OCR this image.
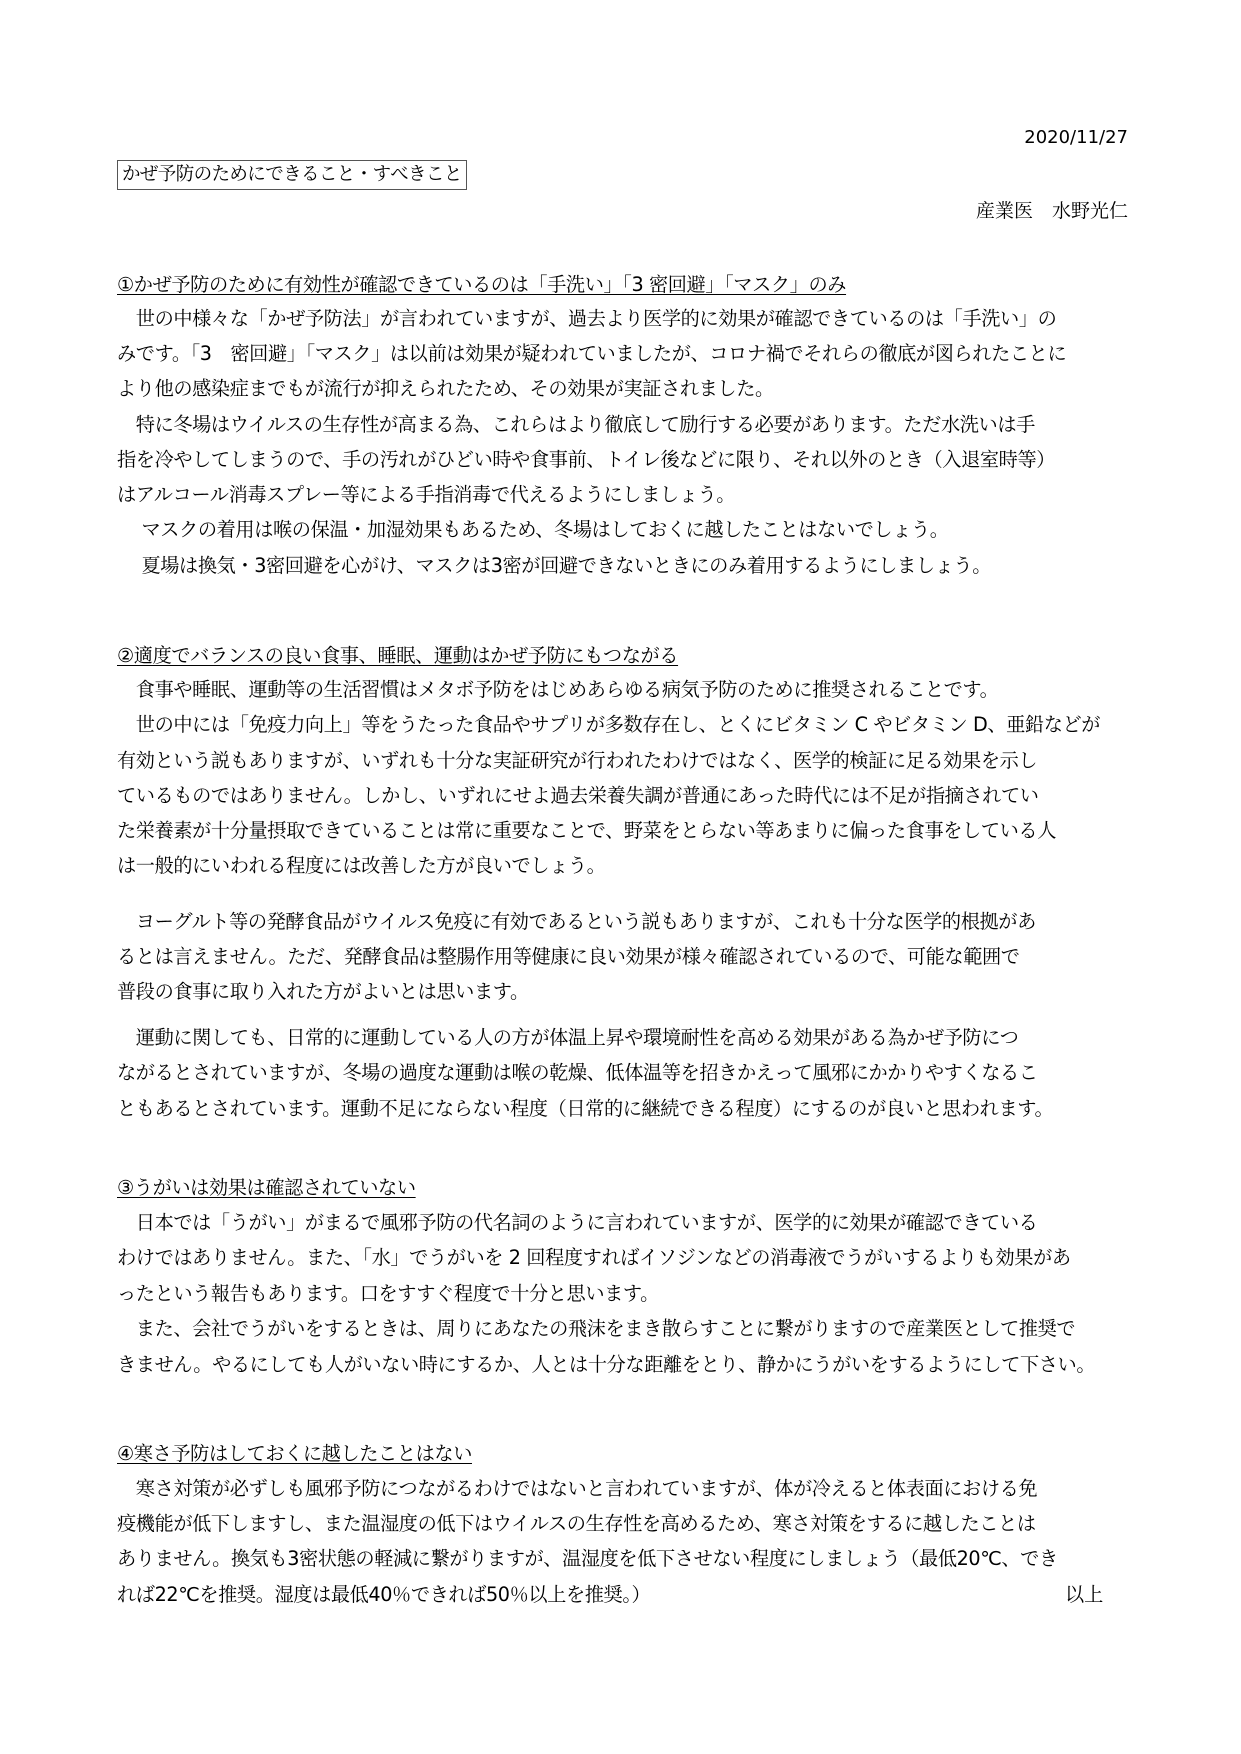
2020/11/27
かぜ予防のためにできること・すべきこと
産業医　水野光仁
①かぜ予防のために有効性が確認できているのは「手洗い」「3 密回避」「マスク」のみ
　世の中様々な「かぜ予防法」が言われていますが、過去より医学的に効果が確認できているのは「手洗い」の
みです。「3　密回避」「マスク」は以前は効果が疑われていましたが、コロナ禍でそれらの徹底が図られたことに
より他の感染症までもが流行が抑えられたため、その効果が実証されました。
　特に冬場はウイルスの生存性が高まる為、これらはより徹底して励行する必要があります。ただ水洗いは手
指を冷やしてしまうので、手の汚れがひどい時や食事前、トイレ後などに限り、それ以外のとき（入退室時等）
はアルコール消毒スプレー等による手指消毒で代えるようにしましょう。
　 マスクの着用は喉の保温・加湿効果もあるため、冬場はしておくに越したことはないでしょう。
　 夏場は換気・3密回避を心がけ、マスクは3密が回避できないときにのみ着用するようにしましょう。
②適度でバランスの良い食事、睡眠、運動はかぜ予防にもつながる
　食事や睡眠、運動等の生活習慣はメタボ予防をはじめあらゆる病気予防のために推奨されることです。
　世の中には「免疫力向上」等をうたった食品やサプリが多数存在し、とくにビタミン C やビタミン D、亜鉛などが
有効という説もありますが、いずれも十分な実証研究が行われたわけではなく、医学的検証に足る効果を示し
ているものではありません。しかし、いずれにせよ過去栄養失調が普通にあった時代には不足が指摘されてい
た栄養素が十分量摂取できていることは常に重要なことで、野菜をとらない等あまりに偏った食事をしている人
は一般的にいわれる程度には改善した方が良いでしょう。
　ヨーグルト等の発酵食品がウイルス免疫に有効であるという説もありますが、これも十分な医学的根拠があ
るとは言えません。ただ、発酵食品は整腸作用等健康に良い効果が様々確認されているので、可能な範囲で
普段の食事に取り入れた方がよいとは思います。
　運動に関しても、日常的に運動している人の方が体温上昇や環境耐性を高める効果がある為かぜ予防につ
ながるとされていますが、冬場の過度な運動は喉の乾燥、低体温等を招きかえって風邪にかかりやすくなるこ
ともあるとされています。運動不足にならない程度（日常的に継続できる程度）にするのが良いと思われます。
③うがいは効果は確認されていない
　日本では「うがい」がまるで風邪予防の代名詞のように言われていますが、医学的に効果が確認できている
わけではありません。また、「水」でうがいを 2 回程度すればイソジンなどの消毒液でうがいするよりも効果があ
ったという報告もあります。口をすすぐ程度で十分と思います。
　また、会社でうがいをするときは、周りにあなたの飛沫をまき散らすことに繋がりますので産業医として推奨で
きません。やるにしても人がいない時にするか、人とは十分な距離をとり、静かにうがいをするようにして下さい。
④寒さ予防はしておくに越したことはない
　寒さ対策が必ずしも風邪予防につながるわけではないと言われていますが、体が冷えると体表面における免
疫機能が低下しますし、また温湿度の低下はウイルスの生存性を高めるため、寒さ対策をするに越したことは
ありません。換気も3密状態の軽減に繋がりますが、温湿度を低下させない程度にしましょう（最低20℃、でき
れば22℃を推奨。湿度は最低40％できれば50％以上を推奨。）	以上
